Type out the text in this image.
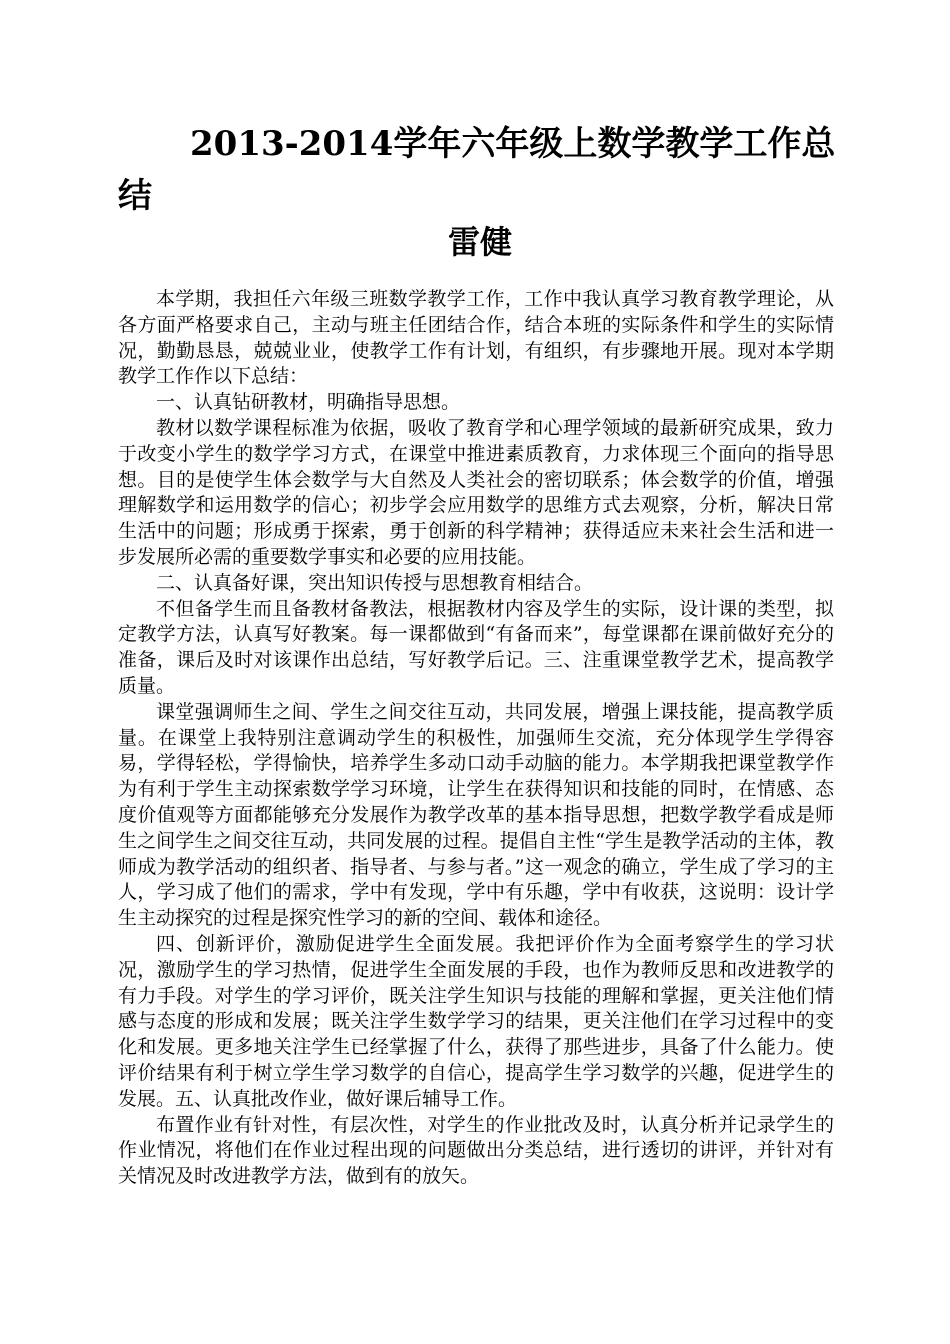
2013-2014学年六年级上数学教学工作总结
雷健

本学期，我担任六年级三班数学教学工作，工作中我认真学习教育教学理论，从各方面严格要求自己，主动与班主任团结合作，结合本班的实际条件和学生的实际情况，勤勤恳恳，兢兢业业，使教学工作有计划，有组织，有步骤地开展。现对本学期教学工作作以下总结：

一、认真钻研教材，明确指导思想。

教材以数学课程标准为依据，吸收了教育学和心理学领域的最新研究成果，致力于改变小学生的数学学习方式，在课堂中推进素质教育，力求体现三个面向的指导思想。目的是使学生体会数学与大自然及人类社会的密切联系；体会数学的价值，增强理解数学和运用数学的信心；初步学会应用数学的思维方式去观察，分析，解决日常生活中的问题；形成勇于探索，勇于创新的科学精神；获得适应未来社会生活和进一步发展所必需的重要数学事实和必要的应用技能。

二、认真备好课，突出知识传授与思想教育相结合。

不但备学生而且备教材备教法，根据教材内容及学生的实际，设计课的类型，拟定教学方法，认真写好教案。每一课都做到“有备而来”，每堂课都在课前做好充分的准备，课后及时对该课作出总结，写好教学后记。三、注重课堂教学艺术，提高教学质量。

课堂强调师生之间、学生之间交往互动，共同发展，增强上课技能，提高教学质量。在课堂上我特别注意调动学生的积极性，加强师生交流，充分体现学生学得容易，学得轻松，学得愉快，培养学生多动口动手动脑的能力。本学期我把课堂教学作为有利于学生主动探索数学学习环境，让学生在获得知识和技能的同时，在情感、态度价值观等方面都能够充分发展作为教学改革的基本指导思想，把数学教学看成是师生之间学生之间交往互动，共同发展的过程。提倡自主性“学生是教学活动的主体，教师成为教学活动的组织者、指导者、与参与者。”这一观念的确立，学生成了学习的主人，学习成了他们的需求，学中有发现，学中有乐趣，学中有收获，这说明：设计学生主动探究的过程是探究性学习的新的空间、载体和途径。

四、创新评价，激励促进学生全面发展。我把评价作为全面考察学生的学习状况，激励学生的学习热情，促进学生全面发展的手段，也作为教师反思和改进教学的有力手段。对学生的学习评价，既关注学生知识与技能的理解和掌握，更关注他们情感与态度的形成和发展；既关注学生数学学习的结果，更关注他们在学习过程中的变化和发展。更多地关注学生已经掌握了什么，获得了那些进步，具备了什么能力。使评价结果有利于树立学生学习数学的自信心，提高学生学习数学的兴趣，促进学生的发展。五、认真批改作业，做好课后辅导工作。

布置作业有针对性，有层次性，对学生的作业批改及时，认真分析并记录学生的作业情况，将他们在作业过程出现的问题做出分类总结，进行透切的讲评，并针对有关情况及时改进教学方法，做到有的放矢。
